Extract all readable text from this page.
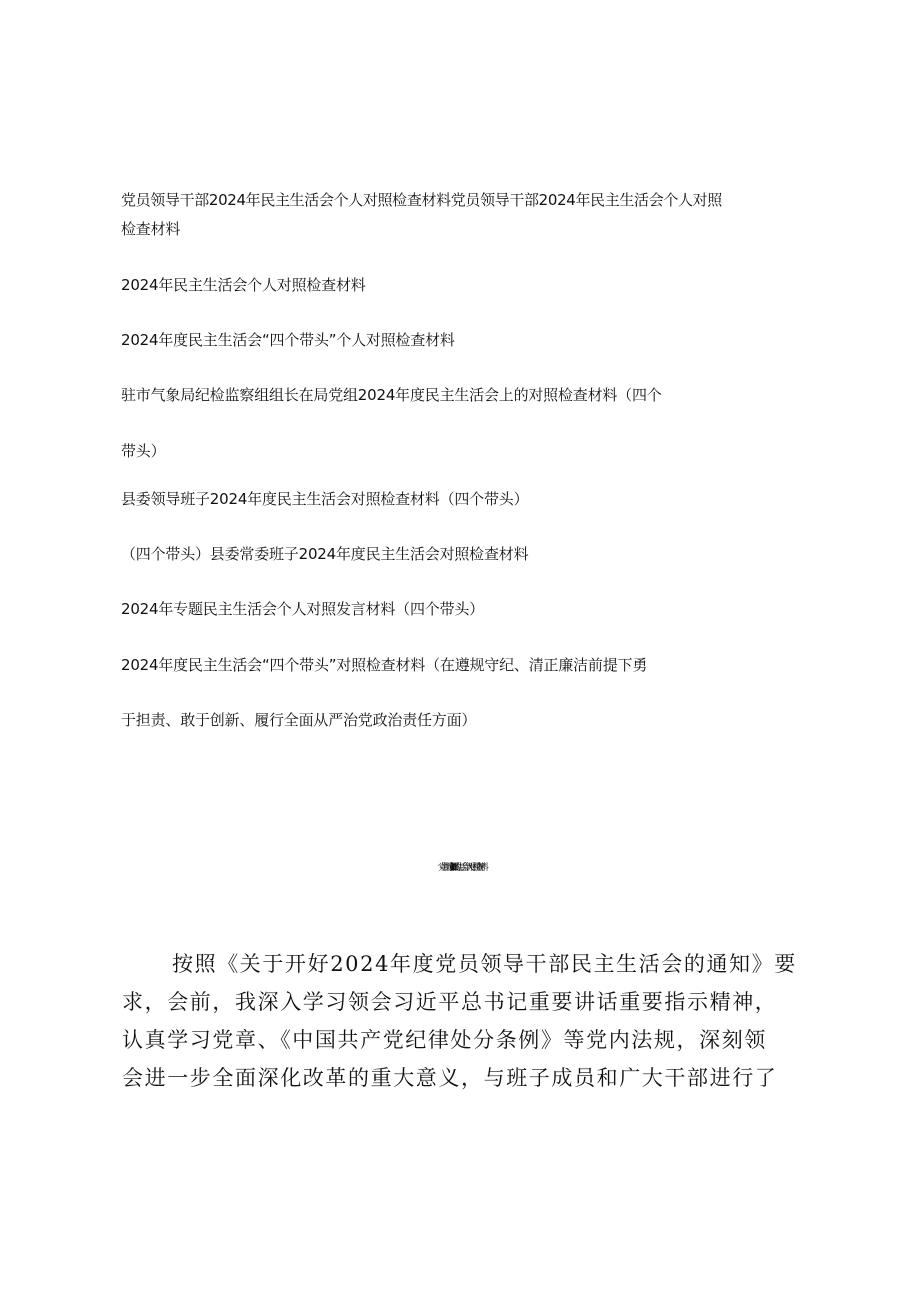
党员领导干部2024年民主生活会个人对照检查材料党员领导干部2024年民主生活会个人对照
检查材料
2024年民主生活会个人对照检查材料
2024年度民主生活会“四个带头”个人对照检查材料
驻市气象局纪检监察组组长在局党组2024年度民主生活会上的对照检查材料（四个
带头）
县委领导班子2024年度民主生活会对照检查材料（四个带头）
（四个带头）县委常委班子2024年度民主生活会对照检查材料
2024年专题民主生活会个人对照发言材料（四个带头）
2024年度民主生活会“四个带头”对照检查材料（在遵规守纪、清正廉洁前提下勇
于担责、敢于创新、履行全面从严治党政治责任方面）
党员领导干部2024年民主生活会个人对照检查材料
按照《关于开好2024年度党员领导干部民主生活会的通知》要
求，会前，我深入学习领会习近平总书记重要讲话重要指示精神，
认真学习党章、《中国共产党纪律处分条例》等党内法规，深刻领
会进一步全面深化改革的重大意义，与班子成员和广大干部进行了
